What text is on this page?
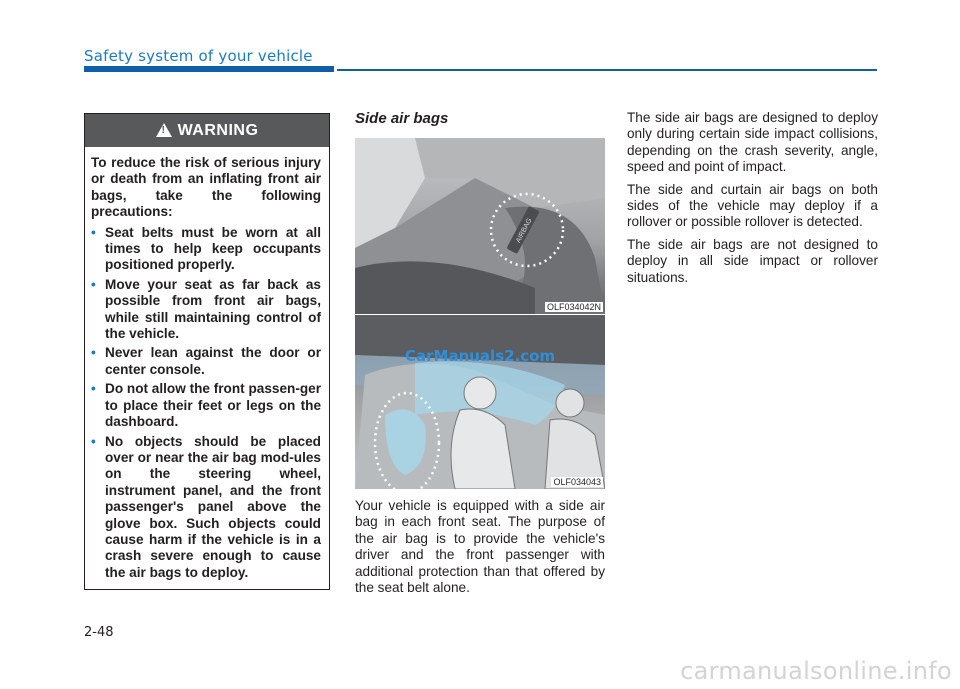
Safety system of your vehicle
!
WARNING

To reduce the risk of serious injury or death from an inflating front air bags, take the following precautions:

• Seat belts must be worn at all times to help keep occupants positioned properly.
• Move your seat as far back as possible from front air bags, while still maintaining control of the vehicle.
• Never lean against the door or center console.
• Do not allow the front passen-ger to place their feet or legs on the dashboard.
• No objects should be placed over or near the air bag mod-ules on the steering wheel, instrument panel, and the front passenger's panel above the glove box. Such objects could cause harm if the vehicle is in a crash severe enough to cause the air bags to deploy.
Side air bags
AIRBAG
OLF034042N
CarManuals2.com
OLF034043
Your vehicle is equipped with a side air bag in each front seat. The purpose of the air bag is to provide the vehicle's driver and the front passenger with additional protection than that offered by the seat belt alone.

The side air bags are designed to deploy only during certain side impact collisions, depending on the crash severity, angle, speed and point of impact.

The side and curtain air bags on both sides of the vehicle may deploy if a rollover or possible rollover is detected.

The side air bags are not designed to deploy in all side impact or rollover situations.

2-48
carmanualsonline.info
